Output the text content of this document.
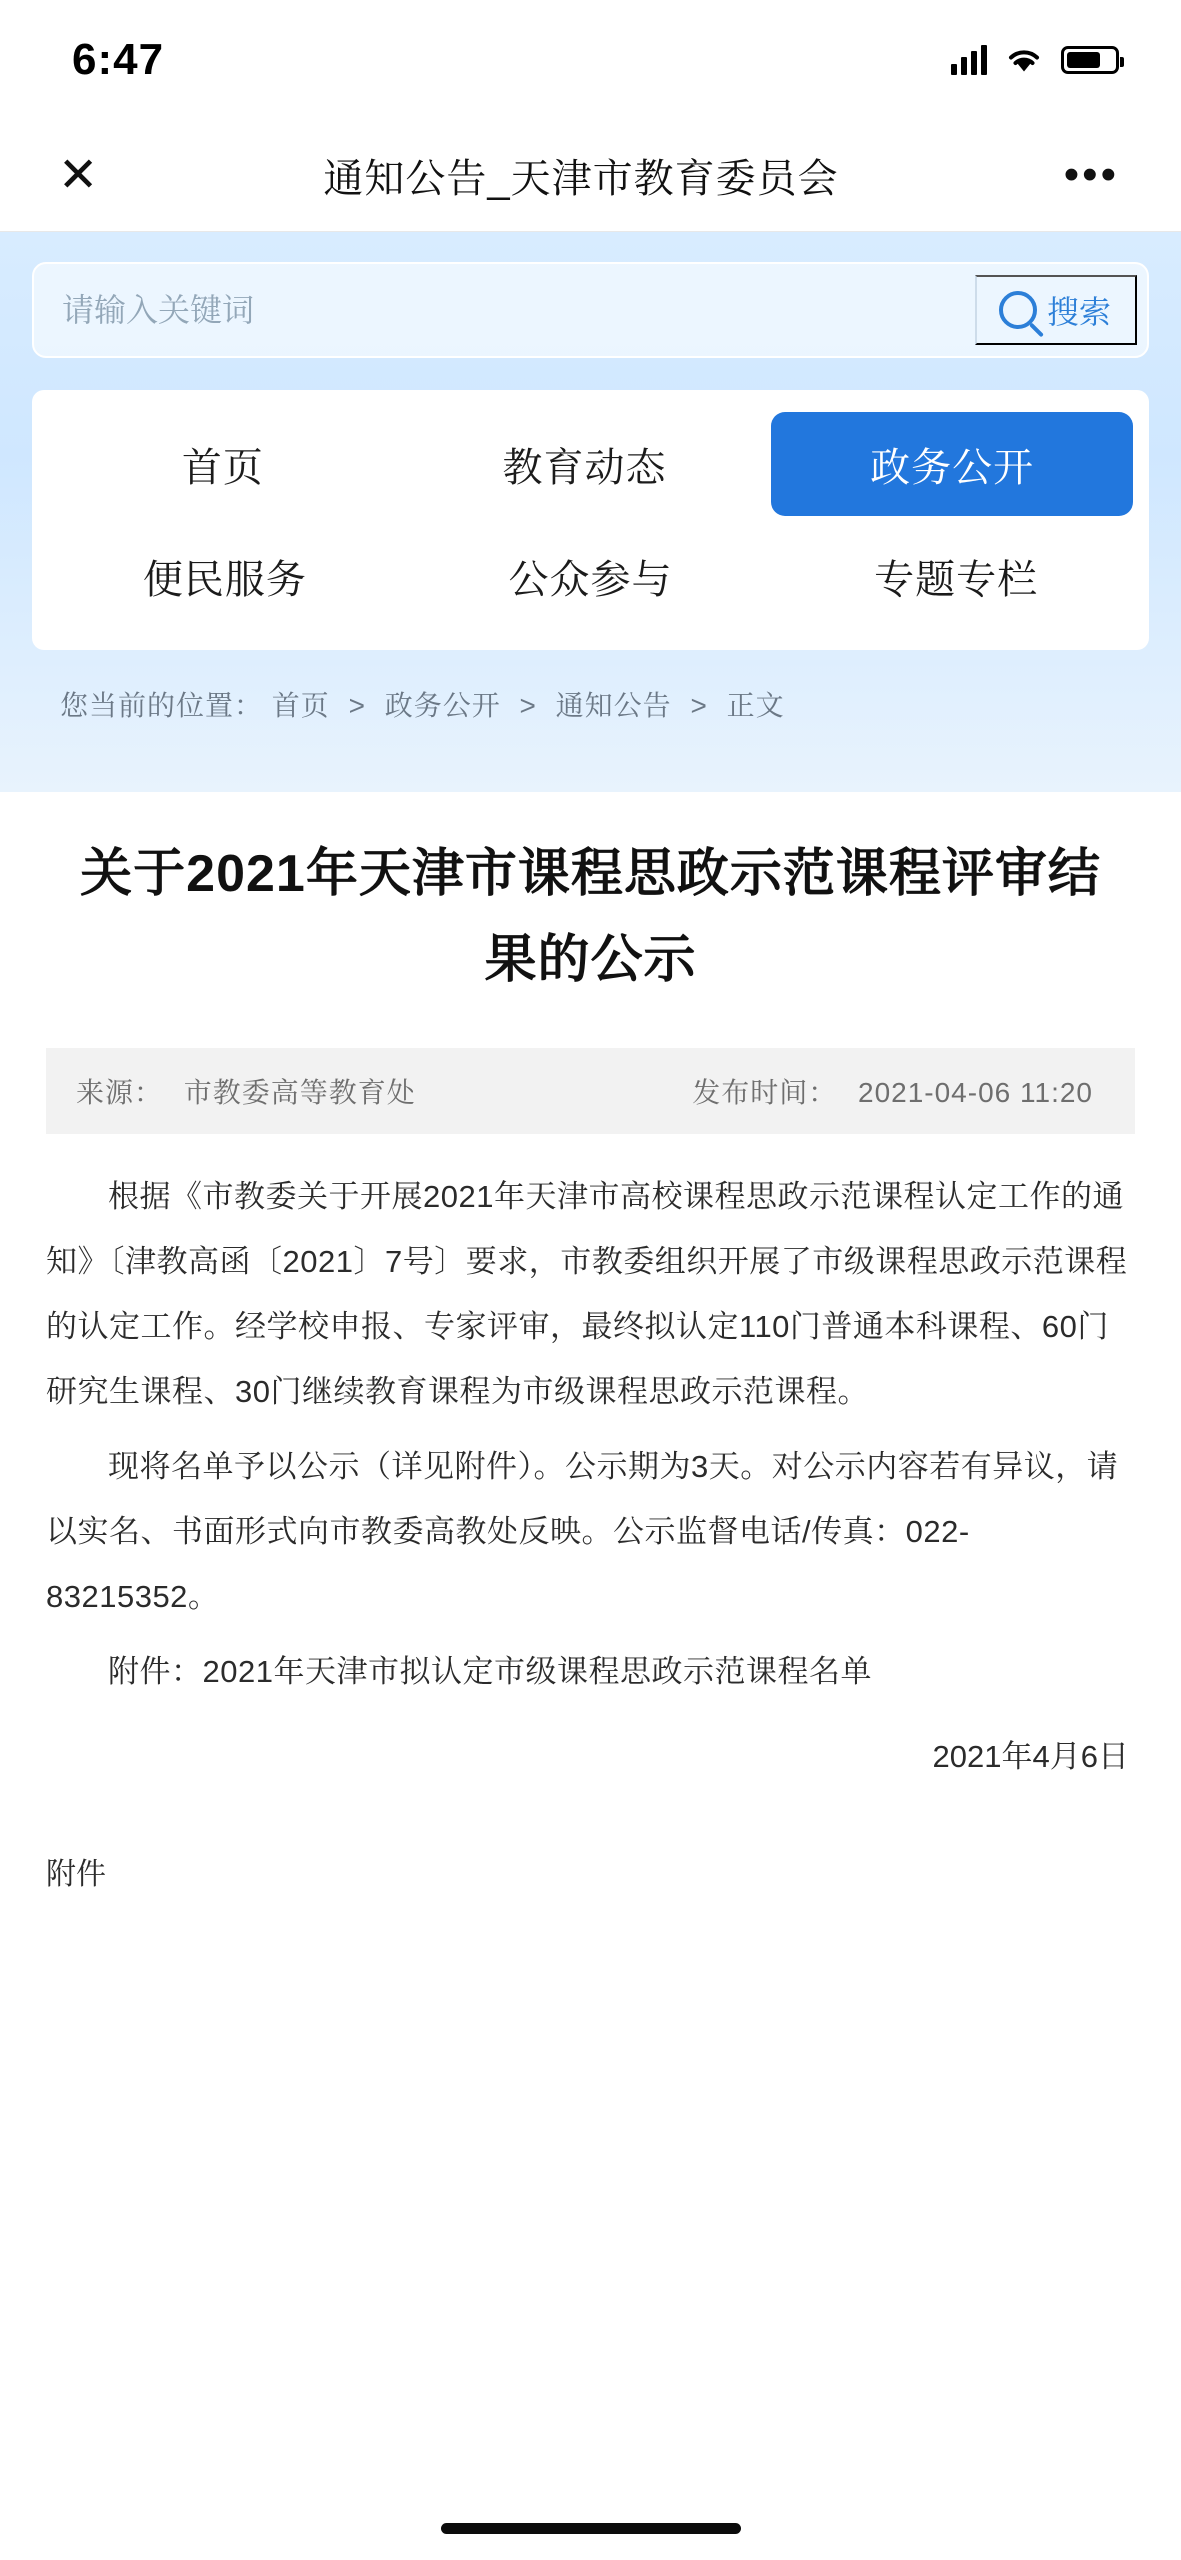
6:47
✕	通知公告_天津市教育委员会	•••
请输入关键词
搜索
首页	教育动态	政务公开
便民服务	公众参与	专题专栏
您当前的位置： 首页 > 政务公开 > 通知公告 > 正文
关于2021年天津市课程思政示范课程评审结果的公示
来源： 市教委高等教育处	发布时间： 2021-04-06 11:20

根据《市教委关于开展2021年天津市高校课程思政示范课程认定工作的通知》〔津教高函〔2021〕7号〕要求，市教委组织开展了市级课程思政示范课程的认定工作。经学校申报、专家评审，最终拟认定110门普通本科课程、60门研究生课程、30门继续教育课程为市级课程思政示范课程。

现将名单予以公示（详见附件）。公示期为3天。对公示内容若有异议，请以实名、书面形式向市教委高教处反映。公示监督电话/传真：022-83215352。

附件：2021年天津市拟认定市级课程思政示范课程名单
2021年4月6日
附件
